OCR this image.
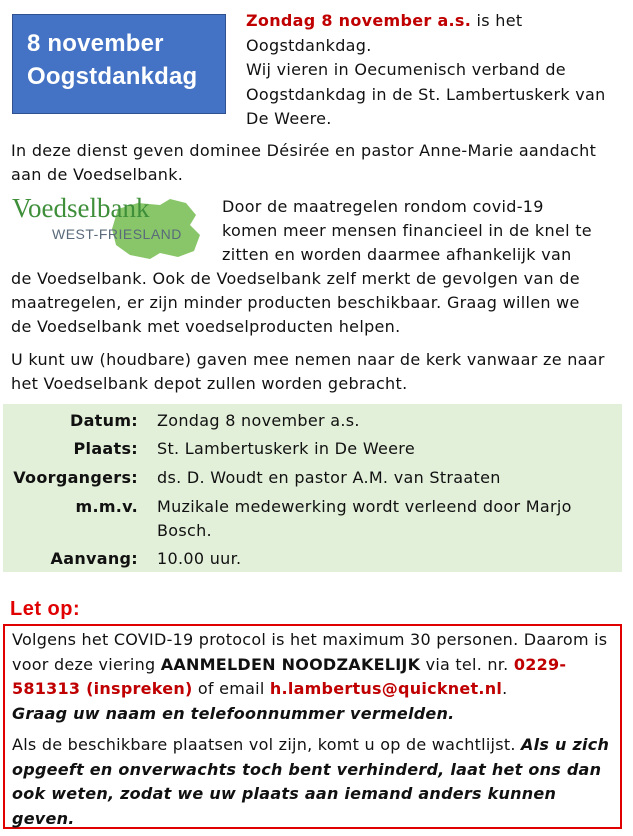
8 november
Oogstdankdag
Zondag 8 november a.s. is het Oogstdankdag.
Wij vieren in Oecumenisch verband de Oogstdankdag in de St. Lambertuskerk van De Weere.
In deze dienst geven dominee Désirée en pastor Anne-Marie aandacht aan de Voedselbank.
Voedselbank
WEST-FRIESLAND
Door de maatregelen rondom covid-19
komen meer mensen financieel in de knel te
zitten en worden daarmee afhankelijk van
de Voedselbank. Ook de Voedselbank zelf merkt de gevolgen van de
maatregelen, er zijn minder producten beschikbaar. Graag willen we
de Voedselbank met voedselproducten helpen.
U kunt uw (houdbare) gaven mee nemen naar de kerk vanwaar ze naar het Voedselbank depot zullen worden gebracht.
Datum: Zondag 8 november a.s.
Plaats: St. Lambertuskerk in De Weere
Voorgangers: ds. D. Woudt en pastor A.M. van Straaten
m.m.v. Muzikale medewerking wordt verleend door Marjo Bosch.
Aanvang: 10.00 uur.
Let op:

Volgens het COVID-19 protocol is het maximum 30 personen. Daarom is voor deze viering AANMELDEN NOODZAKELIJK via tel. nr. 0229-581313 (inspreken) of email h.lambertus@quicknet.nl.
Graag uw naam en telefoonnummer vermelden.

Als de beschikbare plaatsen vol zijn, komt u op de wachtlijst. Als u zich opgeeft en onverwachts toch bent verhinderd, laat het ons dan ook weten, zodat we uw plaats aan iemand anders kunnen geven.
